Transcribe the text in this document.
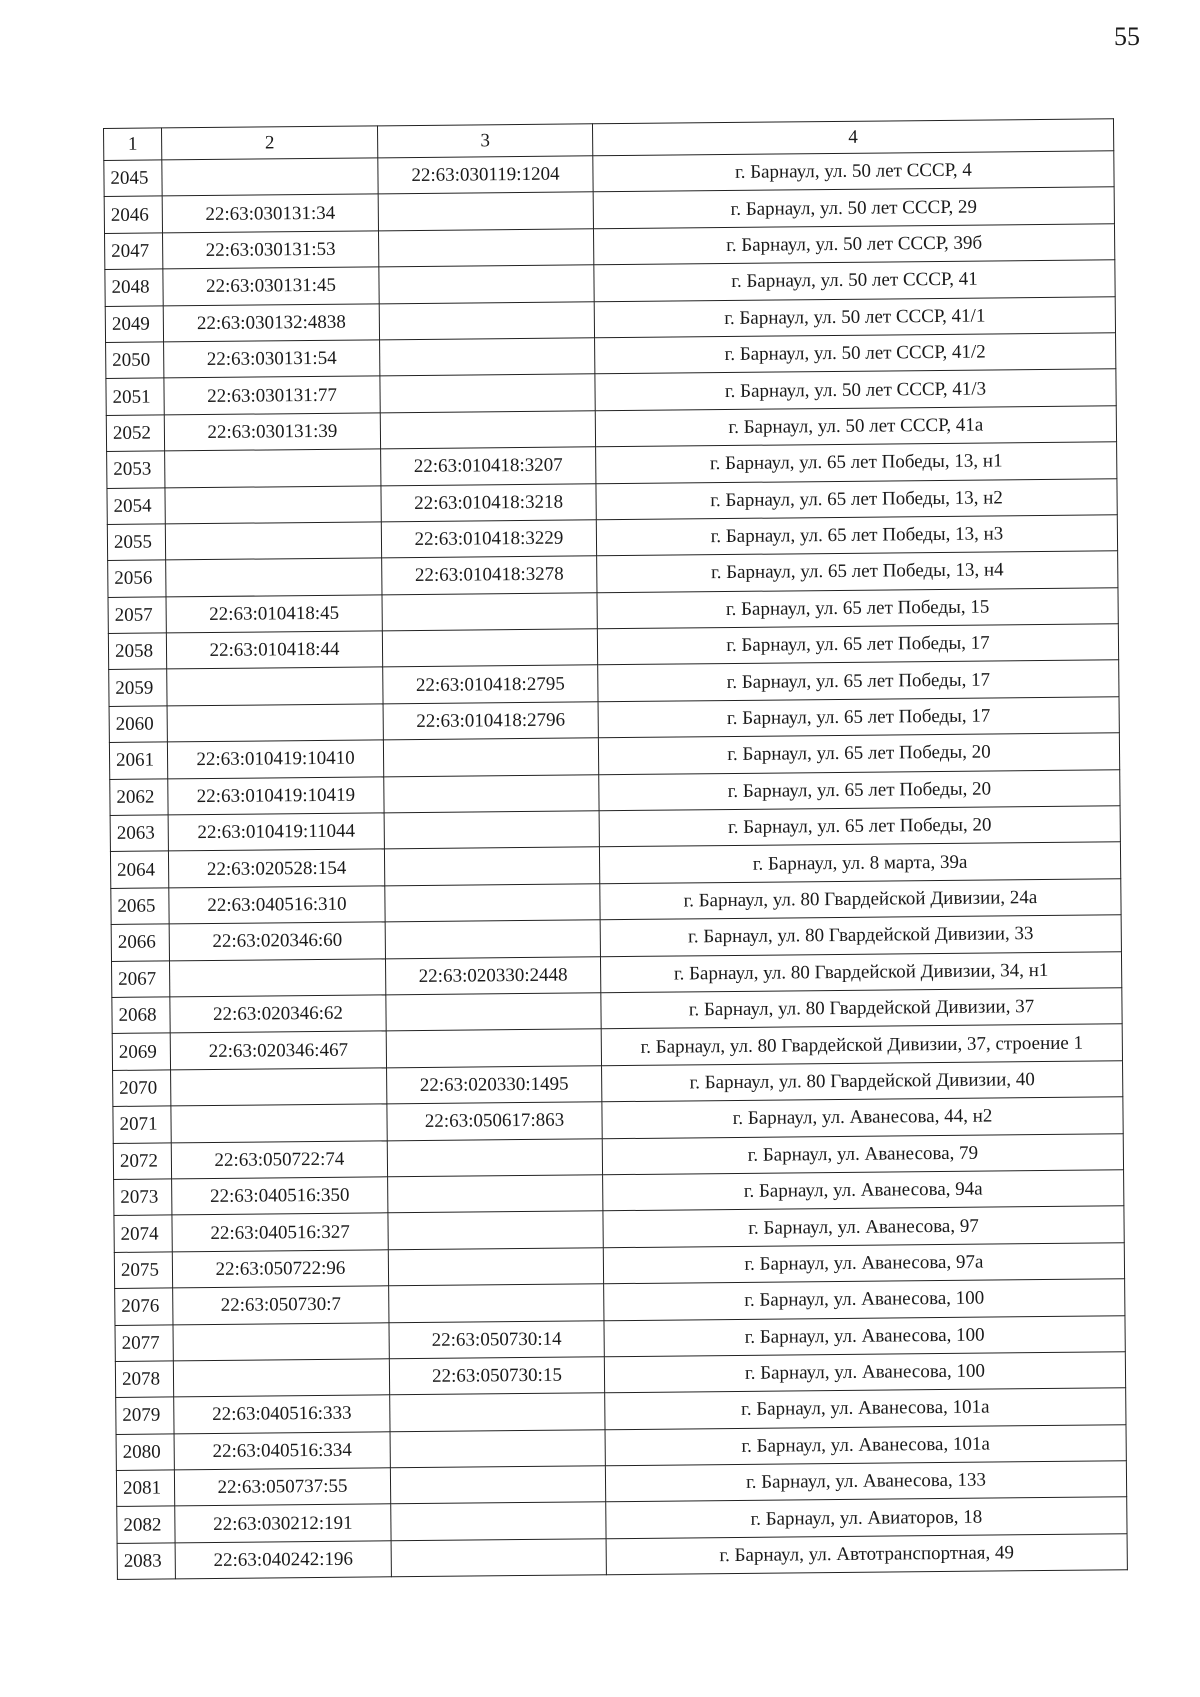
55
1	2	3	4
2045		22:63:030119:1204	г. Барнаул, ул. 50 лет СССР, 4
2046	22:63:030131:34		г. Барнаул, ул. 50 лет СССР, 29
2047	22:63:030131:53		г. Барнаул, ул. 50 лет СССР, 39б
2048	22:63:030131:45		г. Барнаул, ул. 50 лет СССР, 41
2049	22:63:030132:4838		г. Барнаул, ул. 50 лет СССР, 41/1
2050	22:63:030131:54		г. Барнаул, ул. 50 лет СССР, 41/2
2051	22:63:030131:77		г. Барнаул, ул. 50 лет СССР, 41/3
2052	22:63:030131:39		г. Барнаул, ул. 50 лет СССР, 41а
2053		22:63:010418:3207	г. Барнаул, ул. 65 лет Победы, 13, н1
2054		22:63:010418:3218	г. Барнаул, ул. 65 лет Победы, 13, н2
2055		22:63:010418:3229	г. Барнаул, ул. 65 лет Победы, 13, н3
2056		22:63:010418:3278	г. Барнаул, ул. 65 лет Победы, 13, н4
2057	22:63:010418:45		г. Барнаул, ул. 65 лет Победы, 15
2058	22:63:010418:44		г. Барнаул, ул. 65 лет Победы, 17
2059		22:63:010418:2795	г. Барнаул, ул. 65 лет Победы, 17
2060		22:63:010418:2796	г. Барнаул, ул. 65 лет Победы, 17
2061	22:63:010419:10410		г. Барнаул, ул. 65 лет Победы, 20
2062	22:63:010419:10419		г. Барнаул, ул. 65 лет Победы, 20
2063	22:63:010419:11044		г. Барнаул, ул. 65 лет Победы, 20
2064	22:63:020528:154		г. Барнаул, ул. 8 марта, 39а
2065	22:63:040516:310		г. Барнаул, ул. 80 Гвардейской Дивизии, 24а
2066	22:63:020346:60		г. Барнаул, ул. 80 Гвардейской Дивизии, 33
2067		22:63:020330:2448	г. Барнаул, ул. 80 Гвардейской Дивизии, 34, н1
2068	22:63:020346:62		г. Барнаул, ул. 80 Гвардейской Дивизии, 37
2069	22:63:020346:467		г. Барнаул, ул. 80 Гвардейской Дивизии, 37, строение 1
2070		22:63:020330:1495	г. Барнаул, ул. 80 Гвардейской Дивизии, 40
2071		22:63:050617:863	г. Барнаул, ул. Аванесова, 44, н2
2072	22:63:050722:74		г. Барнаул, ул. Аванесова, 79
2073	22:63:040516:350		г. Барнаул, ул. Аванесова, 94а
2074	22:63:040516:327		г. Барнаул, ул. Аванесова, 97
2075	22:63:050722:96		г. Барнаул, ул. Аванесова, 97а
2076	22:63:050730:7		г. Барнаул, ул. Аванесова, 100
2077		22:63:050730:14	г. Барнаул, ул. Аванесова, 100
2078		22:63:050730:15	г. Барнаул, ул. Аванесова, 100
2079	22:63:040516:333		г. Барнаул, ул. Аванесова, 101а
2080	22:63:040516:334		г. Барнаул, ул. Аванесова, 101а
2081	22:63:050737:55		г. Барнаул, ул. Аванесова, 133
2082	22:63:030212:191		г. Барнаул, ул. Авиаторов, 18
2083	22:63:040242:196		г. Барнаул, ул. Автотранспортная, 49
